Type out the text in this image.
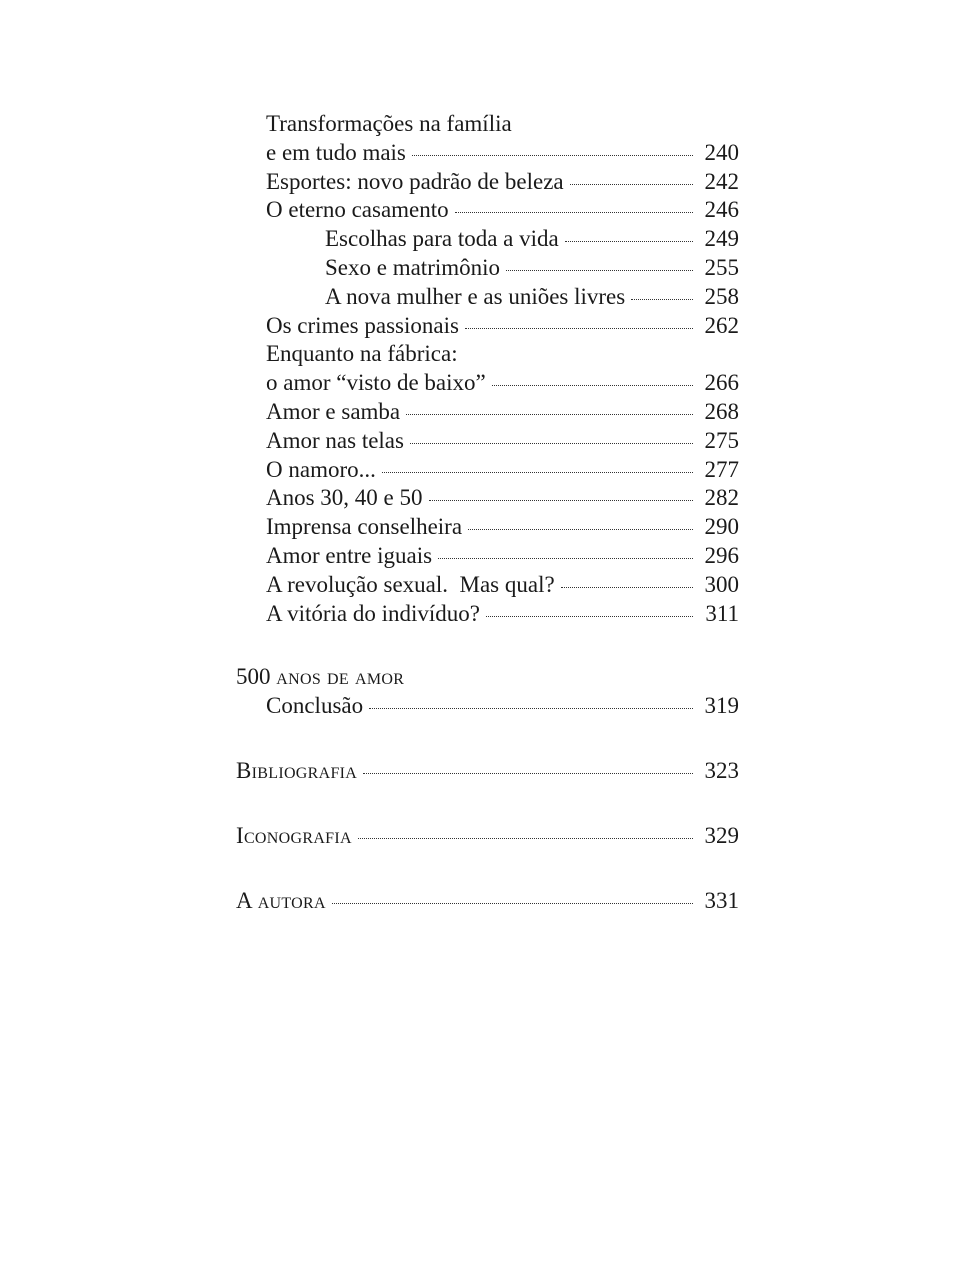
Transformações na família
e em tudo mais	240
Esportes: novo padrão de beleza	242
O eterno casamento	246
Escolhas para toda a vida	249
Sexo e matrimônio	255
A nova mulher e as uniões livres	258
Os crimes passionais	262
Enquanto na fábrica:
o amor “visto de baixo”	266
Amor e samba	268
Amor nas telas	275
O namoro...	277
Anos 30, 40 e 50	282
Imprensa conselheira	290
Amor entre iguais	296
A revolução sexual.  Mas qual?	300
A vitória do indivíduo?	311
500
anos de amor
Conclusão	319
Bibliografia	323
Iconografia	329
A autora	331
